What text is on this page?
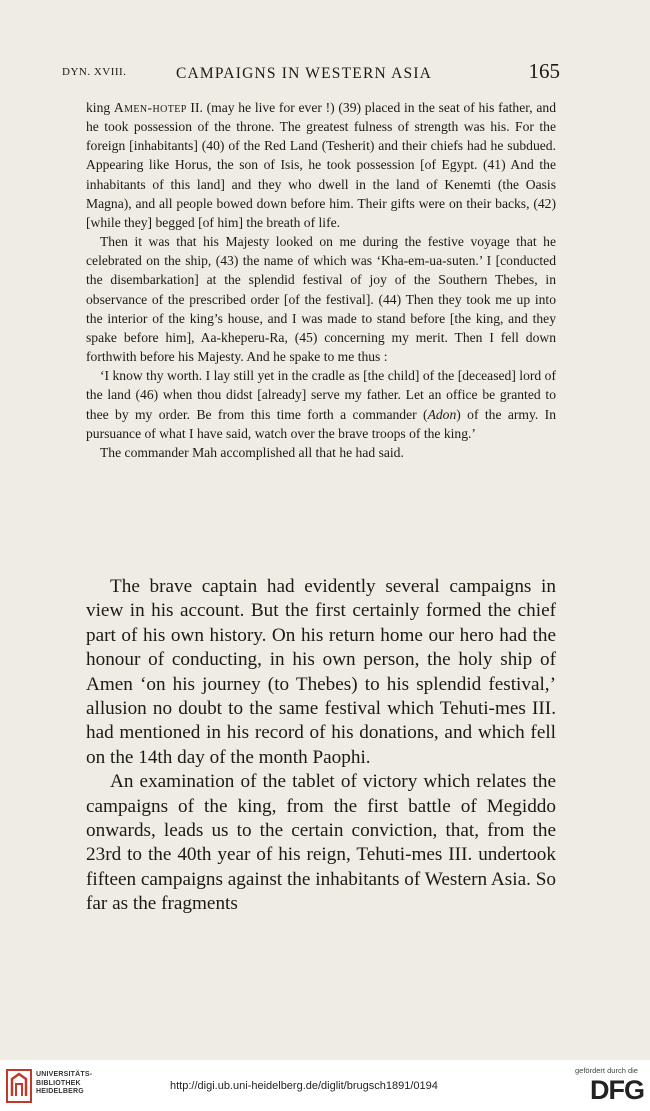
DYN. XVIII.	CAMPAIGNS IN WESTERN ASIA	165

king Amen-hotep II. (may he live for ever !) (39) placed in the seat of his father, and he took possession of the throne. The greatest fulness of strength was his. For the foreign [inhabitants] (40) of the Red Land (Tesherit) and their chiefs had he subdued. Appearing like Horus, the son of Isis, he took possession [of Egypt. (41) And the inhabitants of this land] and they who dwell in the land of Kenemti (the Oasis Magna), and all people bowed down before him. Their gifts were on their backs, (42) [while they] begged [of him] the breath of life.

Then it was that his Majesty looked on me during the festive voyage that he celebrated on the ship, (43) the name of which was ‘Kha-em-ua-suten.’ I [conducted the disembarkation] at the splendid festival of joy of the Southern Thebes, in observance of the prescribed order [of the festival]. (44) Then they took me up into the interior of the king’s house, and I was made to stand before [the king, and they spake before him], Aa-kheperu-Ra, (45) concerning my merit. Then I fell down forthwith before his Majesty. And he spake to me thus :

‘I know thy worth. I lay still yet in the cradle as [the child] of the [deceased] lord of the land (46) when thou didst [already] serve my father. Let an office be granted to thee by my order. Be from this time forth a commander (Adon) of the army. In pursuance of what I have said, watch over the brave troops of the king.’

The commander Mah accomplished all that he had said.

The brave captain had evidently several campaigns in view in his account. But the first certainly formed the chief part of his own history. On his return home our hero had the honour of conducting, in his own person, the holy ship of Amen ‘on his journey (to Thebes) to his splendid festival,’ allusion no doubt to the same festival which Tehuti-mes III. had mentioned in his record of his donations, and which fell on the 14th day of the month Paophi.

An examination of the tablet of victory which relates the campaigns of the king, from the first battle of Megiddo onwards, leads us to the certain conviction, that, from the 23rd to the 40th year of his reign, Tehuti-mes III. undertook fifteen campaigns against the inhabitants of Western Asia. So far as the fragments

UNIVERSITÄTS-
BIBLIOTHEK
HEIDELBERG	http://digi.ub.uni-heidelberg.de/diglit/brugsch1891/0194
gefördert durch die
DFG
